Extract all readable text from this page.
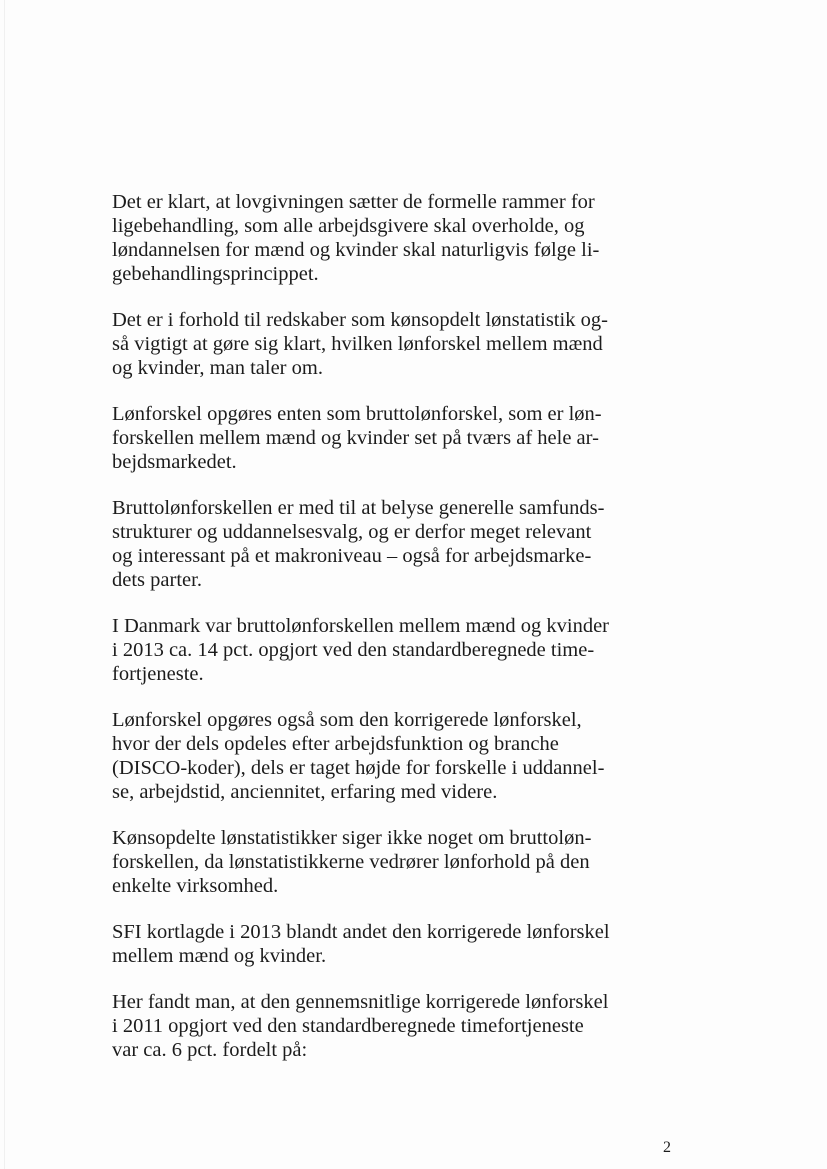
Det er klart, at lovgivningen sætter de formelle rammer for
ligebehandling, som alle arbejdsgivere skal overholde, og
løndannelsen for mænd og kvinder skal naturligvis følge li-
gebehandlingsprincippet.

Det er i forhold til redskaber som kønsopdelt lønstatistik og-
så vigtigt at gøre sig klart, hvilken lønforskel mellem mænd
og kvinder, man taler om.

Lønforskel opgøres enten som bruttolønforskel, som er løn-
forskellen mellem mænd og kvinder set på tværs af hele ar-
bejdsmarkedet.

Bruttolønforskellen er med til at belyse generelle samfunds-
strukturer og uddannelsesvalg, og er derfor meget relevant
og interessant på et makroniveau – også for arbejdsmarke-
dets parter.

I Danmark var bruttolønforskellen mellem mænd og kvinder
i 2013 ca. 14 pct. opgjort ved den standardberegnede time-
fortjeneste.

Lønforskel opgøres også som den korrigerede lønforskel,
hvor der dels opdeles efter arbejdsfunktion og branche
(DISCO-koder), dels er taget højde for forskelle i uddannel-
se, arbejdstid, anciennitet, erfaring med videre.

Kønsopdelte lønstatistikker siger ikke noget om bruttoløn-
forskellen, da lønstatistikkerne vedrører lønforhold på den
enkelte virksomhed.

SFI kortlagde i 2013 blandt andet den korrigerede lønforskel
mellem mænd og kvinder.

Her fandt man, at den gennemsnitlige korrigerede lønforskel
i 2011 opgjort ved den standardberegnede timefortjeneste
var ca. 6 pct. fordelt på:

2
